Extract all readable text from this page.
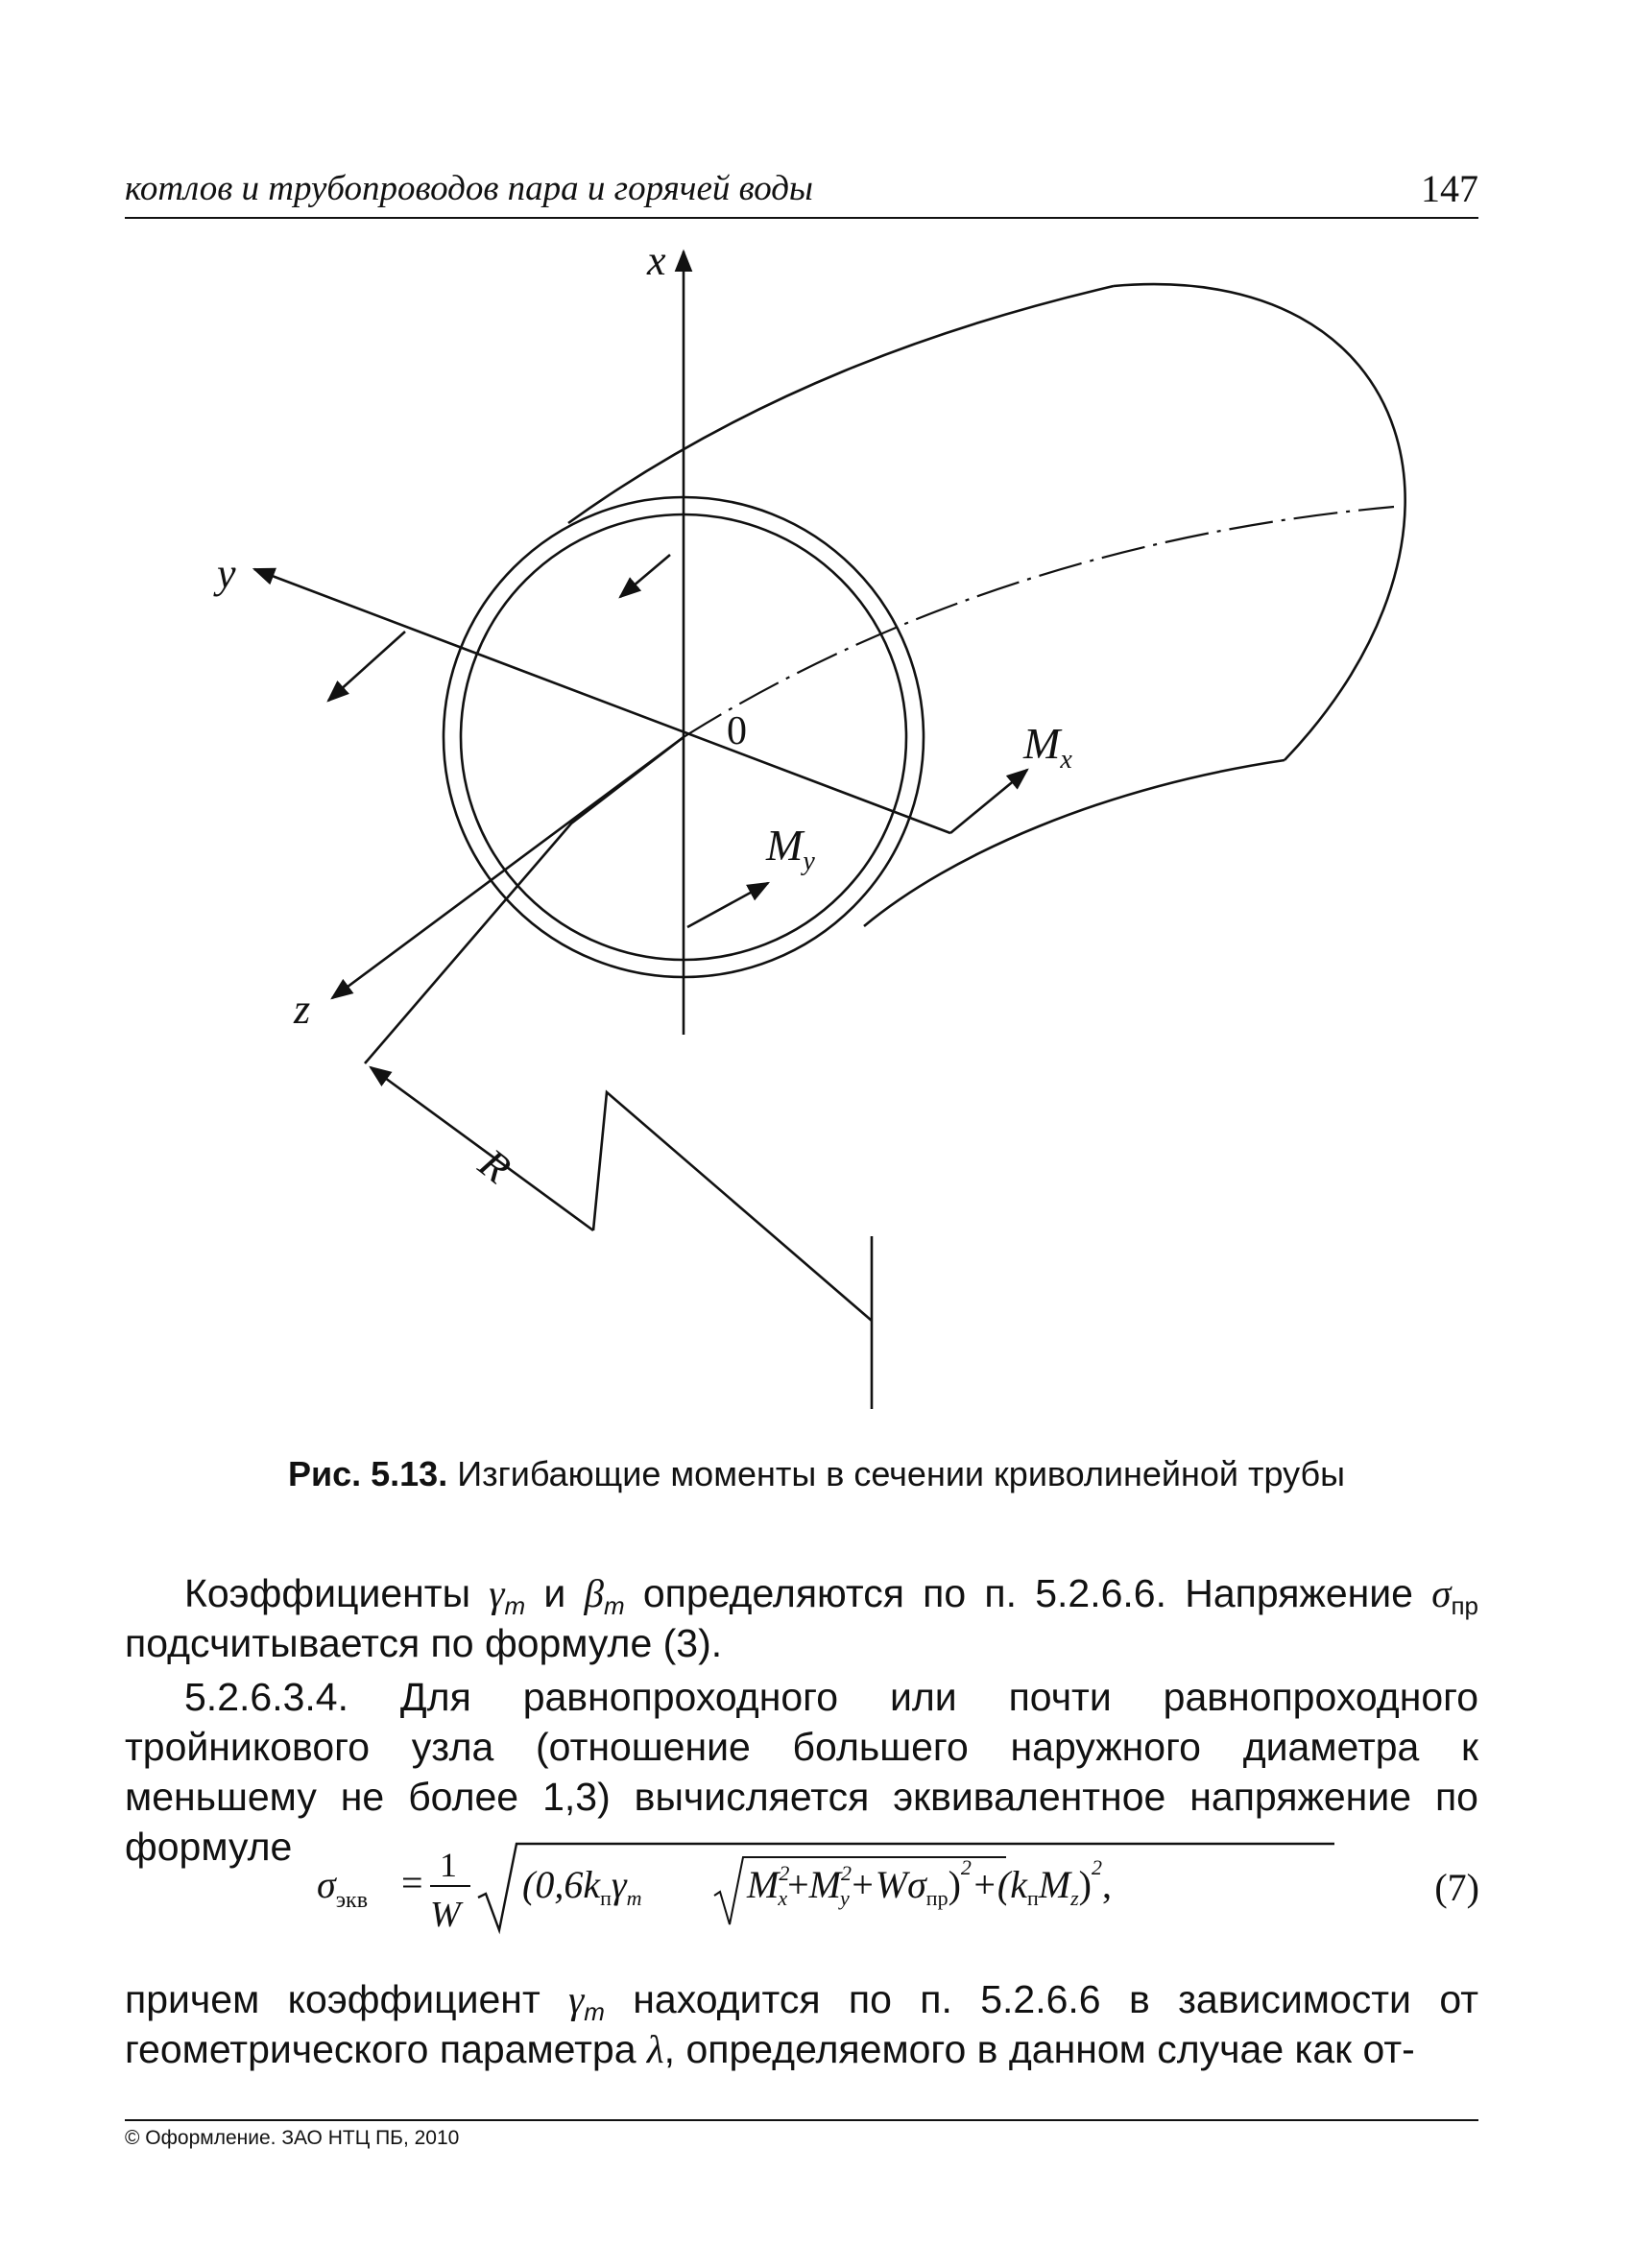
котлов и трубопроводов пара и горячей воды	147
x
y
z
0	$M_x$
$M_y$
R
Рис. 5.13. Изгибающие моменты в сечении криволинейной трубы
Коэффициенты $\gamma_m$ и $\beta_m$ определяются по п. 5.2.6.6. Напряжение $\sigma_{пр}$ подсчитывается по формуле (3).
5.2.6.3.4. Для равнопроходного или почти равнопроходного тройникового узла (отношение большего наружного диаметра к меньшему не более 1,3) вычисляется эквивалентное напряжение по формуле
$\sigma_{экв} = 1$
W
($0,6k_п\gamma_m$	$M^2$ $x+M^2$ $y+W\sigma_{пр})^2+(k_пM_z)^2$,	(7)
причем коэффициент $\gamma_m$ находится по п. 5.2.6.6 в зависимости от геометрического параметра λ, определяемого в данном случае как от-
© Оформление. ЗАО НТЦ ПБ, 2010
